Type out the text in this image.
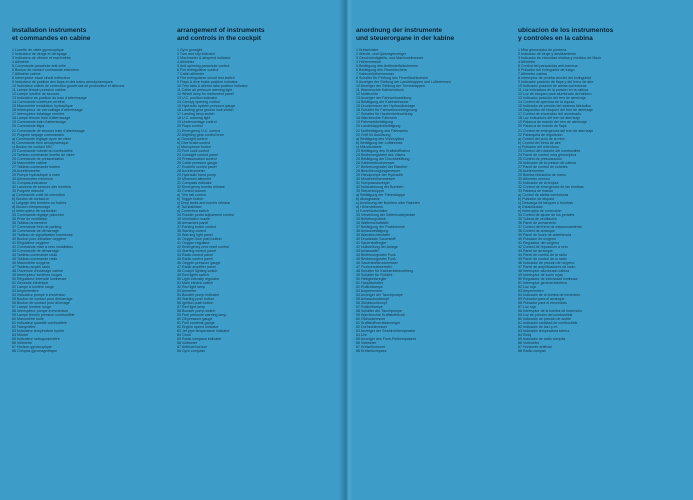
installation instruments
et commandes en cabine
1 Lunette de visée gyroscopique
2 Indicateur de virage et dérapage
3 Indicateur de vitesse et machmètre
4 Altimètre
5 Commande parachute anti-vrille
6 Bouton de contact commande extincteur
7 Altimètre cabine
8 Interrupteur essai circuit extincteur
9 Indicateur de position des flaps et des trains aérodynamiques
10 Indicateur voilets de correction gouvernail de profondeur et ailerons
11 Lampe témoin pression cabine
12 Lampe lumière de secours
13 Indicateur de position du train d'atterrissage
14 Commande ouverture verrière
15 Manomètre installation hydraulique
16 Interrupteur de verrouillage d'atterrissage
17 Interrupteur éclairage verrière
18 Lampe témoin train d'atterrissage
19 Commande train d'atterrissage
20 Commande flaps
21 Commande de secours train d'atterrissage
22 Poignée largage commandes
a) Commande réglage cycle de visée
b) Commande frein aérodynamique
c) Bouton de contact MIC
23 Commande robinet du combustible
24 Tableau commande lunette de visée
25 Commande de pressurisation
26 Manomètre cabine
27 Tableau commande fusées
28 Accéléromètre
29 Pompe hydraulique à main
30 Alternomètre minimum
31 Compas-indicateur
32 Lanceurs de secours des bombes
33 Poignée manche
a) Commande volet de correction
b) Bouton de contact-tir
c) Largage des bombes ou fusées
d) Bouton d'empennage
e) Interrupteur de correction
34 Commande réglage palonnier
35 Prise de ventilation
36 Tableau armement
37 Commande frein de parking
38 Commande de démarrage
39 Tableau de signalisation lumineuse
40 Bouton pour initialiser oxygène
41 Régulateur oxygène
42 Commande mise à zéro installation
43 Commande de démarrage
44 Tableau commande radio
45 Tableau commande radio
46 Manomètre oxygène
47 Tableau amplis radio
48 Ouverture d'éclairage cabine
49 Interrupteur lumières rouges
50 Régulateur intensité lumineuse
51 Générale électrique
52 Lampe à lumière rouge
53 Ampèremètre
54 Indicateur pompe à immersion
55 Bouton de contact pour démarrage
56 Bouton de contact pour allumage
57 Lampe lumière rouge
58 Interrupteur pompe à immersion
59 Lampe témoin pression combustible
60 Manomètre huile
61 Indicateur quantité combustible
62 Tachymètre
63 Indicateur température tuyère
64 Montre
65 Indicateur radiogoniomètre
66 Voltmètre
67 Horizon gyroscopique
68 Compas gyromagnétique
arrangement of instruments
and controls in the cockpit
1 Gyro gunsight
2 Turn and slip indicator
3 Machmeter & airspeed indicator
4 Altimeter
5 Anti-spinning parachute control
6 Fire extinguisher control
7 Cabin altimeter
8 Fire extinguisher circuit test switch
9 Flaps & dive brake position indicator
10 Trim tabs & aileron tabs position indicator
11 Cabin air pressure warning light
12 Wheel lamp for instrument panel
13 U.C. position indicator
14 Canopy opening control
15 Hydraulic system pressure gauge
16 Landing gear ground lock switch
17 Landing lamp switch
18 U.C. warning light
19 Undercarriage control
20 Flaps control
21 Emergency U.C. control
22 Alighting gear control lever
a) Gunsight control
b) Dive brake control
c) Microphone button
23 Fuel cock control
24 Gunsight control panel
25 Pressurisation control
26 Cabin pressure gauge
27 Rockets control panel
28 Accelerometer
29 Hydraulic hand pump
30 Minimum altimeter
31 Compass indicator
32 Emergency bombs release
33 Control column
a) Trim tab control
b) Trigger button
c) Drop tanks and bombs release
d) Tail stabiliser
e) Correction switch
34 Rudder pedal adjustment control
35 Ventilation nozzle
36 Armament panel
37 Parking brake control
38 Starting control
39 Warning light panel
40 Oxygen flow push button
41 Oxygen regulator
42 Emergency zero reset control
43 Starting control panel
44 Radio control panel
45 Radio control panel
46 Oxygen pressure gauge
47 Radio amplifier panel
48 Cockpit lighting switch
49 Red lights switch
50 Light intensity regulator
51 Main electric switch
52 Red light lamp
53 Ammeter
54 Booster pump indicator
55 Starting push button
56 Ignition push button
57 Red light lamp
58 Booster pump switch
59 Fuel pressure warning lamp
60 Oil pressure gauge
61 Fuel contents gauge
62 Engine speed indicator
63 Jet pipe temperature indicator
64 Clock
65 Radio compass indicator
66 Voltmeter
67 Artificial horizon
68 Gyro compass
anordnung der instrumente
und steuerorgane in der kabine
1 Kreiselvisier
2 Wende- und Querlagenzeiger
3 Geschwindigkeits- und Machzahlmesser
4 Höhenmesser
5 Betätigung des Antitrudelfallschirmes
6 Betätigung des Feuerlöschers
7 Kabinenhöhenmesser
8 Schalter für Prüfung des Feuerlöschkreises
9 Anzeiger der Stellung der Landeklappen und Luftbremsen
10 Anzeiger der Stellung der Trimmklappen
11 Warnleuchte Kabinendruck
12 Notleuchte
13 Anzeiger der Fahrwerksstellung
14 Betätigung der Kabinenhaube
15 Druckmesser der Hydraulikanlage
16 Schalter für Fahrwerksverriegelung
17 Schalter für Haubenbeleuchtung
18 Warnleuchte Fahrwerk
19 Fahrwerkbetätigung
20 Landeklappenbetätigung
21 Notbetätigung des Fahrwerks
22 Griff für Auslösung
a) Betätigung des Visierzyklus
b) Betätigung der Luftbremse
c) Mikrofontaste
23 Betätigung des Kraftstoffhahns
24 Bedienungstafel des Visiers
25 Betätigung der Druckbelüftung
26 Kabinendruckmesser
27 Bedienungstafel der Raketen
28 Beschleunigungsmesser
29 Handpumpe der Hydraulik
30 Mindesthöhenmesser
31 Kompassanzeiger
32 Notauslösung der Bomben
33 Steuerknüppel
a) Betätigung der Trimmklappe
b) Abzugstaste
c) Auslösung der Bomben oder Raketen
d) Höhenleitwerk
e) Korrekturschalter
34 Verstellung der Seitenruderpedale
35 Belüftungsdüse
36 Waffenschalttafel
37 Betätigung der Parkbremse
38 Anlassbetätigung
39 Warnleuchtentafel
40 Drucktaste Sauerstoff
41 Sauerstoffregler
42 Nullstellung der Anlage
43 Anlasstafel
44 Bedienungstafel Funk
45 Bedienungstafel Funk
46 Sauerstoffdruckmesser
47 Funkverstärkertafel
48 Schalter für Kabinenbeleuchtung
49 Schalter für Rotlicht
50 Helligkeitsregler
51 Hauptschalter
52 Rotlichtlampe
53 Amperemeter
54 Anzeiger der Tauchpumpe
55 Anlassdruckknopf
56 Zünddruckknopf
57 Rotlichtlampe
58 Schalter der Tauchpumpe
59 Warnleuchte Kraftstoffdruck
60 Öldruckmesser
61 Kraftstoffvorratsanzeiger
62 Drehzahlmesser
63 Anzeiger der Strahlrohrtemperatur
64 Uhr
65 Anzeiger des Funk-Peilkompasses
66 Voltmeter
67 Kreiselhorizont
68 Kreiselkompass
ubicacion de los instrumentos
y controles en la cabina
1 Mira giroscópica de puntería
2 Indicador de viraje y deslizamiento
3 Indicador de velocidad relativa y medidor de Mach
4 Altímetro
5 Control del paracaídas anti-barrena
6 Pulsador del extinguidor de fuego
7 Altímetro cabina
8 Interruptor de prueba circuito del extinguidor
9 Indicador posición de flaps y del freno de aire
10 Indicador posición de aletas correctoras
11 Luz indicadora de la presión en la cabina
12 Luz de bloqueo para alumbrado del tablero
13 Indicador posición del tren de aterrizaje
14 Control de apertura de la cúpula
15 Indicador de presión del sistema hidráulico
16 Dispositivo de bloqueo del tren de aterrizaje
17 Control de encendido del alumbrado
18 Luz indicadora del tren de aterrizaje
19 Palanca de mando del tren de aterrizaje
20 Palanca de mando de flaps
21 Control de emergencia del tren de aterrizaje
22 Palanquita de regulación
a) Control del ciclo de la mira
b) Control del freno de aire
c) Pulsador del micrófono
23 Control del robinete del combustible
24 Panel de control mira giroscópica
25 Control de presurización
26 Indicador de la presión de cabina
27 Panel de control de cohetes
28 Acelerómetro
29 Bomba hidráulica de mano
30 Altímetro mínimo
31 Indicador de la brújula
32 Control de emergencia de las bombas
33 Palanca de mando
a) Control de aletas correctoras
b) Pulsador de disparo
c) Descarga de tanques o bombas
d) Estabilizador
e) Interruptor de corrección
34 Control de ajuste de los pedales
35 Tobera de ventilación
36 Panel de armamento
37 Control del freno de estacionamiento
38 Control de arranque
39 Panel de luces de advertencia
40 Pulsador de oxígeno
41 Regulador del oxígeno
42 Control de reposición a cero
43 Panel de arranque
44 Panel de control de la radio
45 Panel de control de la radio
46 Indicador de presión de oxígeno
47 Panel de amplificadores de radio
48 Interruptor alumbrado cabina
49 Interruptor de luces rojas
50 Regulador de intensidad luminosa
51 Interruptor general eléctrico
52 Luz roja
53 Amperímetro
54 Indicador de la bomba de inmersión
55 Pulsador para el arranque
56 Pulsador para el encendido
57 Luz roja
58 Interruptor de la bomba de inmersión
59 Luz de presión del combustible
60 Indicador de presión de aceite
61 Indicador cantidad de combustible
62 Indicador de las r.p.m.
63 Indicador temperatura tobera
64 Reloj
65 Indicador de radio compás
66 Voltímetro
67 Horizonte artificial
68 Radio compás
